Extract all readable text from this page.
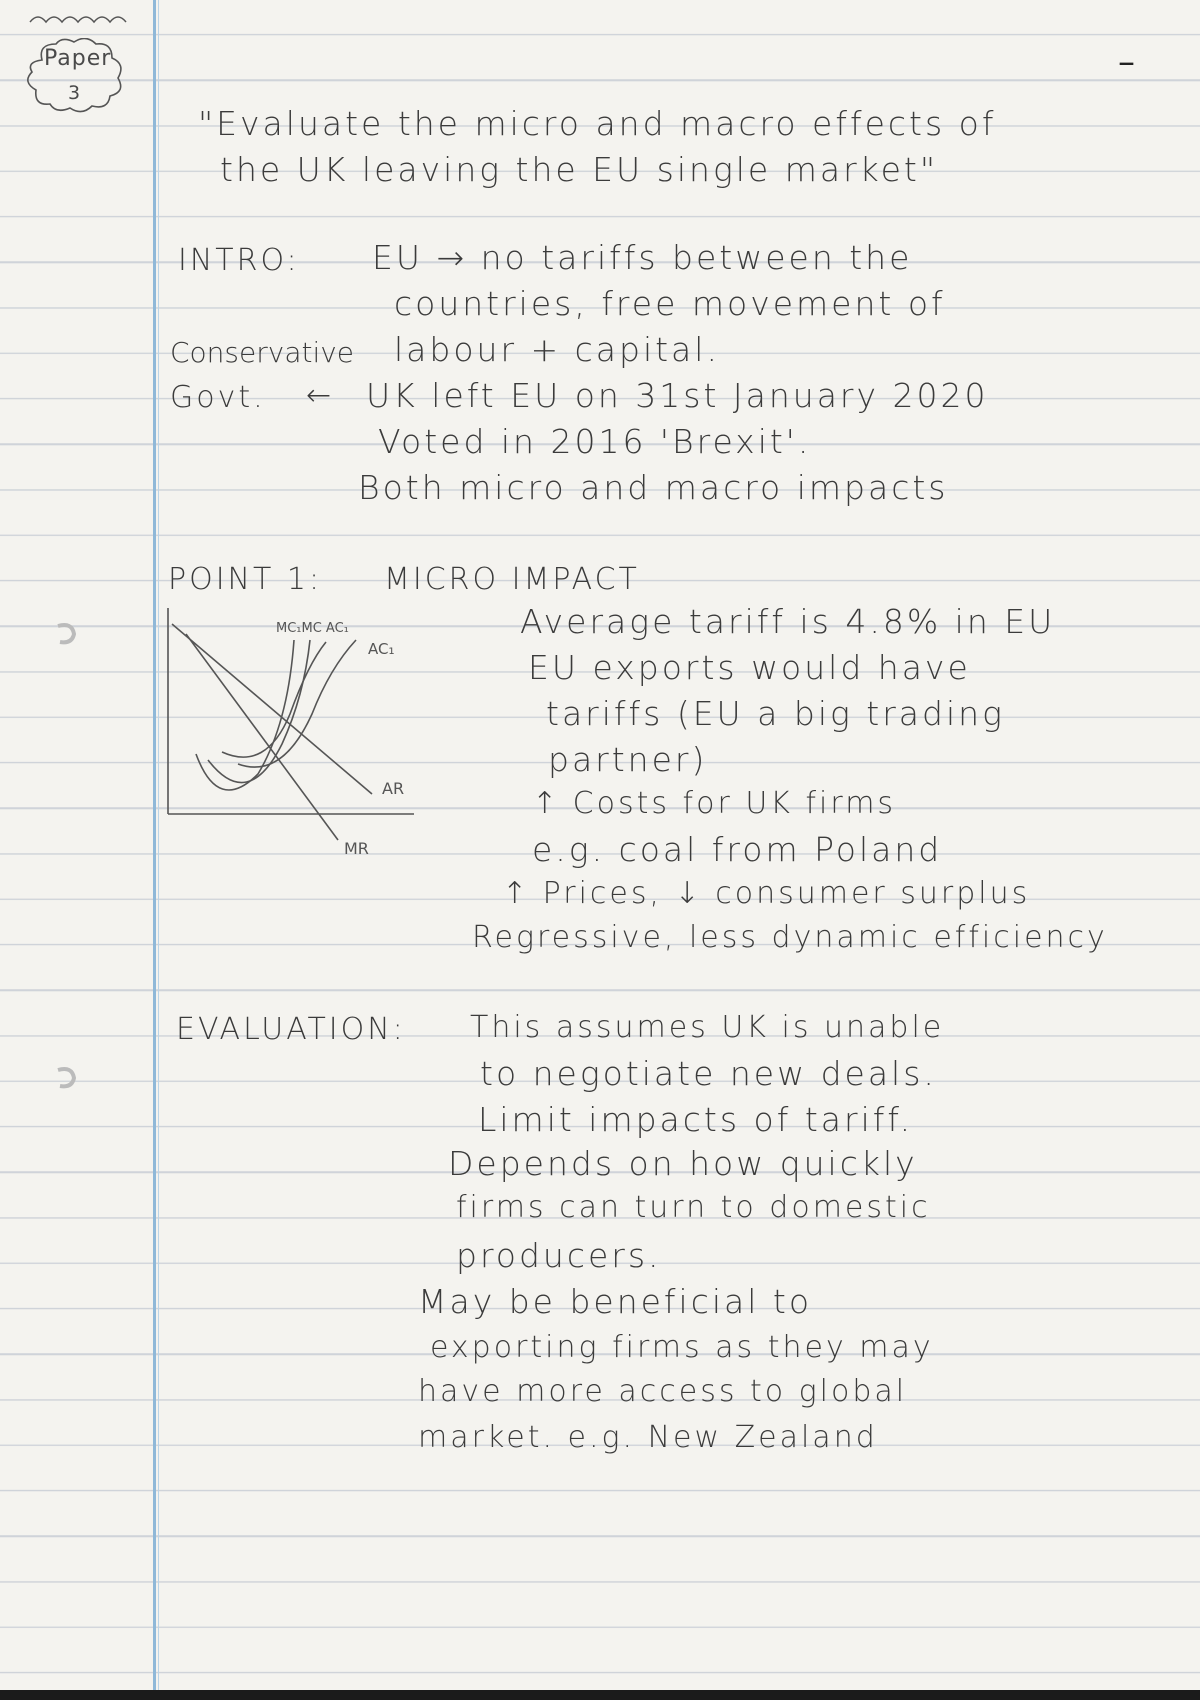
Paper
3
–
"Evaluate the micro and macro effects of
the UK leaving the EU single market"
INTRO: EU → no tariffs between the
countries, free movement of
Conservative labour + capital.
Govt. ← UK left EU on 31st January 2020
Voted in 2016 'Brexit'.
Both micro and macro impacts
POINT 1: MICRO IMPACT
MC₁MC AC₁
AC₁
AR
MR
Average tariff is 4.8% in EU
EU exports would have
tariffs (EU a big trading
partner)
↑ Costs for UK firms
e.g. coal from Poland
↑ Prices, ↓ consumer surplus
Regressive, less dynamic efficiency
EVALUATION: This assumes UK is unable
to negotiate new deals.
Limit impacts of tariff.
Depends on how quickly
firms can turn to domestic
producers.
May be beneficial to
exporting firms as they may
have more access to global
market. e.g. New Zealand
